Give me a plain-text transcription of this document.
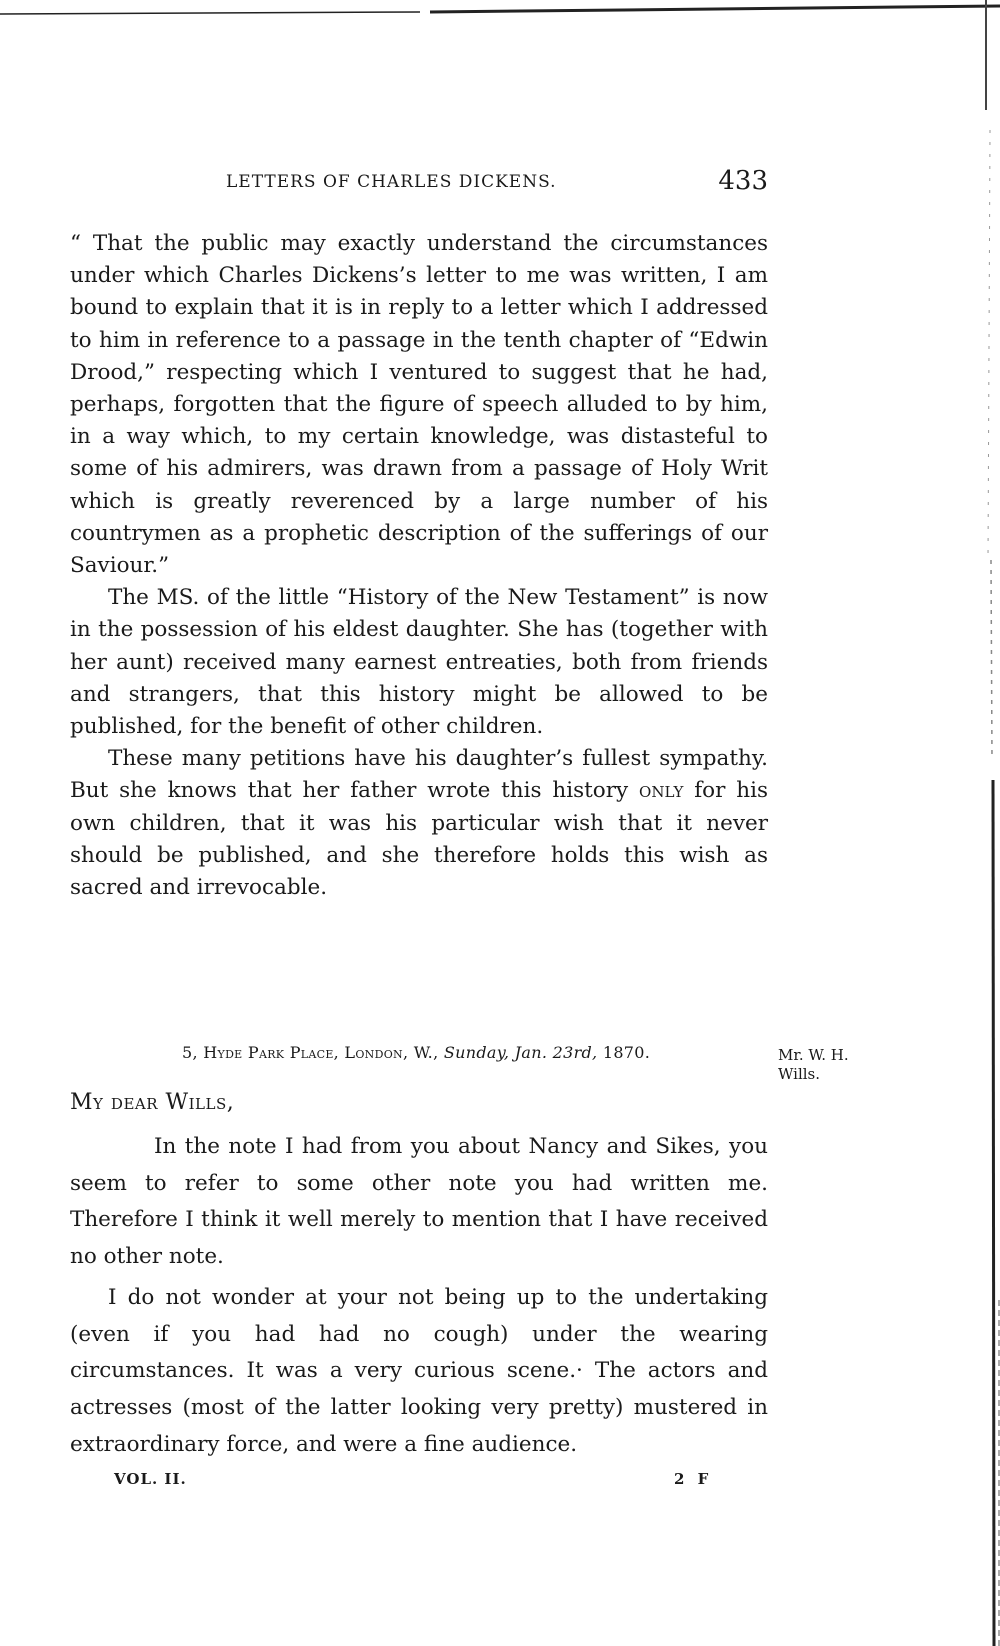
LETTERS OF CHARLES DICKENS.	433

“ That the public may exactly understand the circumstances under which Charles Dickens’s letter to me was written, I am bound to explain that it is in reply to a letter which I addressed to him in reference to a passage in the tenth chapter of “Edwin Drood,” respecting which I ventured to suggest that he had, perhaps, forgotten that the figure of speech alluded to by him, in a way which, to my certain knowledge, was distasteful to some of his admirers, was drawn from a passage of Holy Writ which is greatly reverenced by a large number of his countrymen as a prophetic description of the sufferings of our Saviour.”

The MS. of the little “History of the New Testament” is now in the possession of his eldest daughter. She has (together with her aunt) received many earnest entreaties, both from friends and strangers, that this history might be allowed to be published, for the benefit of other children.

These many petitions have his daughter’s fullest sympathy. But she knows that her father wrote this history only for his own children, that it was his particular wish that it never should be published, and she therefore holds this wish as sacred and irrevocable.

5, Hyde Park Place, London, W., Sunday, Jan. 23rd, 1870.	Mr. W. H.
Wills.
My dear Wills,

In the note I had from you about Nancy and Sikes, you seem to refer to some other note you had written me. Therefore I think it well merely to mention that I have received no other note.

I do not wonder at your not being up to the undertaking (even if you had had no cough) under the wearing circumstances. It was a very curious scene.· The actors and actresses (most of the latter looking very pretty) mustered in extraordinary force, and were a fine audience.

VOL. II.	2 F
